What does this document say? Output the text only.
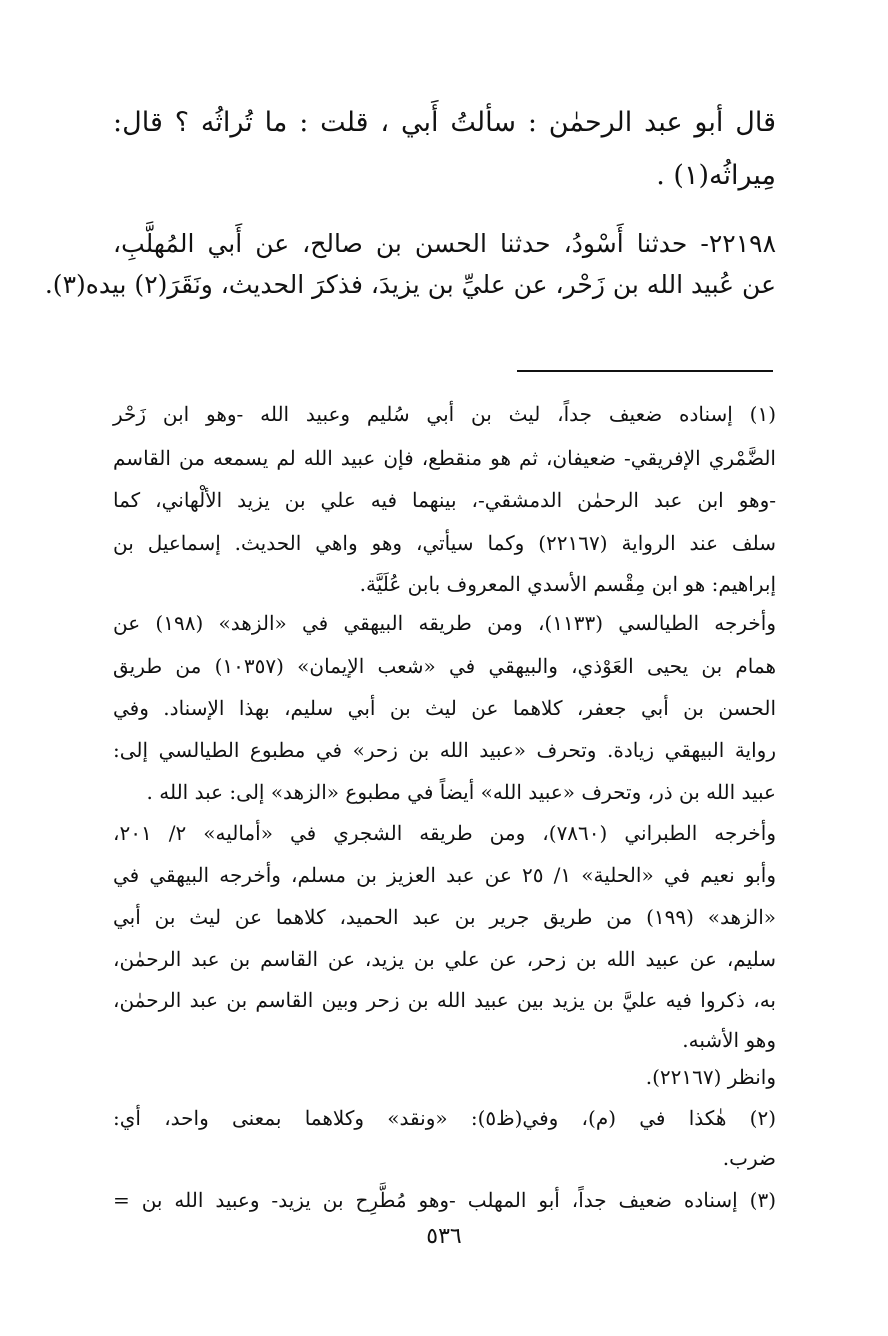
قال أبو عبد الرحمٰن : سألتُ أَبي ، قلت : ما تُراثُه ؟ قال:
مِيراثُه(١) .
٢٢١٩٨- حدثنا أَسْودُ، حدثنا الحسن بن صالح، عن أَبي المُهلَّبِ،
عن عُبيد الله بن زَحْر، عن عليِّ بن يزيدَ، فذكرَ الحديث، ونَقَرَ(٢) بيده(٣).
(١) إسناده ضعيف جداً، ليث بن أبي سُليم وعبيد الله -وهو ابن زَحْر
الضَّمْري الإفريقي- ضعيفان، ثم هو منقطع، فإن عبيد الله لم يسمعه من القاسم
-وهو ابن عبد الرحمٰن الدمشقي-، بينهما فيه علي بن يزيد الألْهاني، كما
سلف عند الرواية (٢٢١٦٧) وكما سيأتي، وهو واهي الحديث. إسماعيل بن
إبراهيم: هو ابن مِقْسم الأسدي المعروف بابن عُلَيَّة.
وأخرجه الطيالسي (١١٣٣)، ومن طريقه البيهقي في «الزهد» (١٩٨) عن
همام بن يحيى العَوْذي، والبيهقي في «شعب الإيمان» (١٠٣٥٧) من طريق
الحسن بن أبي جعفر، كلاهما عن ليث بن أبي سليم، بهذا الإسناد. وفي
رواية البيهقي زيادة. وتحرف «عبيد الله بن زحر» في مطبوع الطيالسي إلى:
عبيد الله بن ذر، وتحرف «عبيد الله» أيضاً في مطبوع «الزهد» إلى: عبد الله .
وأخرجه الطبراني (٧٨٦٠)، ومن طريقه الشجري في «أماليه» ٢/ ٢٠١،
وأبو نعيم في «الحلية» ١/ ٢٥ عن عبد العزيز بن مسلم، وأخرجه البيهقي في
«الزهد» (١٩٩) من طريق جرير بن عبد الحميد، كلاهما عن ليث بن أبي
سليم، عن عبيد الله بن زحر، عن علي بن يزيد، عن القاسم بن عبد الرحمٰن،
به، ذكروا فيه عليَّ بن يزيد بين عبيد الله بن زحر وبين القاسم بن عبد الرحمٰن،
وهو الأشبه.
وانظر (٢٢١٦٧).
(٢) هٰكذا في (م)، وفي(ظ٥): «ونقد» وكلاهما بمعنى واحد، أي:
ضرب.
(٣) إسناده ضعيف جداً، أبو المهلب -وهو مُطَّرِح بن يزيد- وعبيد الله بن =
٥٣٦
